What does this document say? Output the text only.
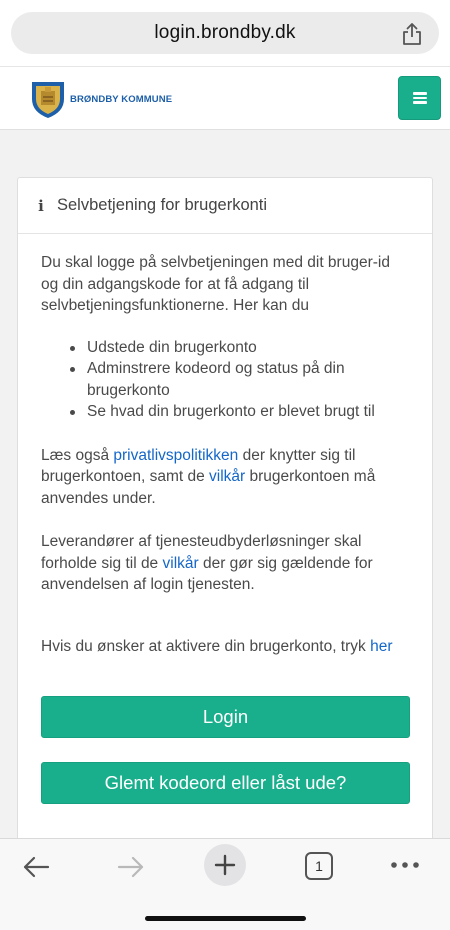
login.brondby.dk
BRØNDBY KOMMUNE
i Selvbetjening for brugerkonti

Du skal logge på selvbetjeningen med dit bruger-id og din adgangskode for at få adgang til selvbetjeningsfunktionerne. Her kan du

Udstede din brugerkonto
Adminstrere kodeord og status på din brugerkonto
Se hvad din brugerkonto er blevet brugt til

Læs også privatlivspolitikken der knytter sig til brugerkontoen, samt de vilkår brugerkontoen må anvendes under.

Leverandører af tjenesteudbyderløsninger skal forholde sig til de vilkår der gør sig gældende for anvendelsen af login tjenesten.

Hvis du ønsker at aktivere din brugerkonto, tryk her

Login
Glemt kodeord eller låst ude?
1
